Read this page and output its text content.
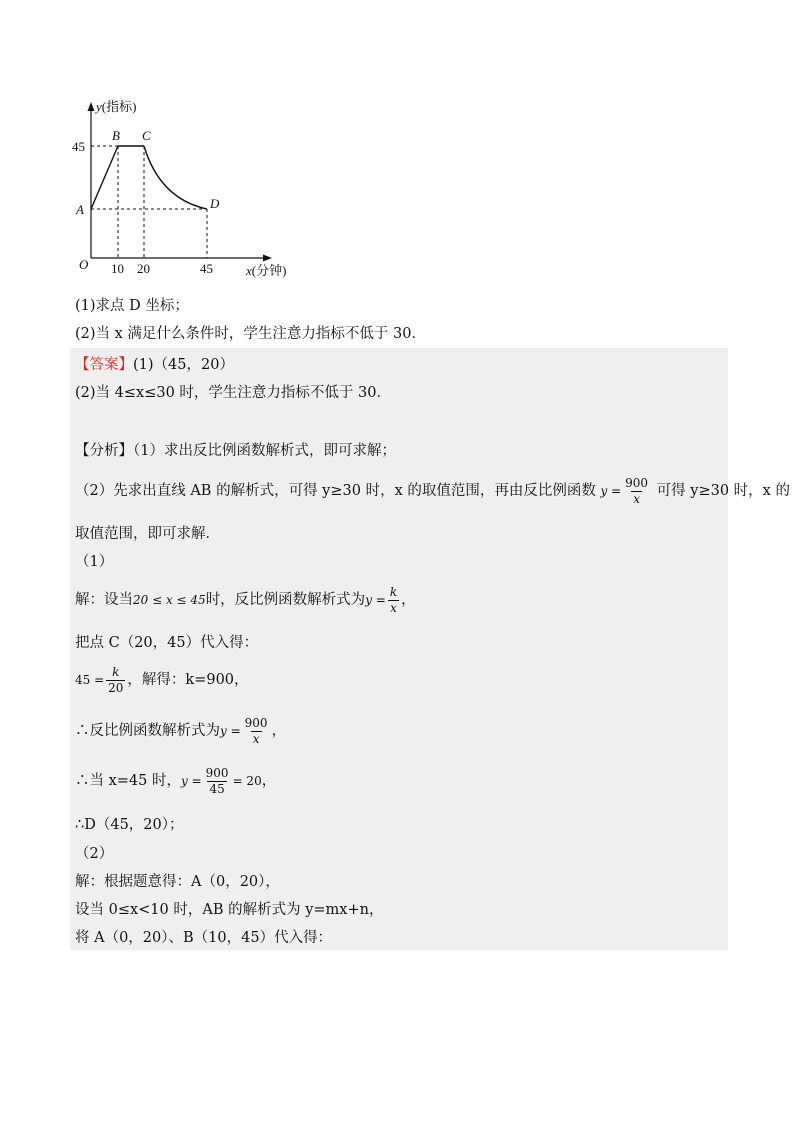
y(指标)
45
A
B C
D
O 10 20	45	x(分钟)
(1)求点 D 坐标；
(2)当 x 满足什么条件时，学生注意力指标不低于 30．
【答案】(1)（45，20）
(2)当 4≤x≤30 时，学生注意力指标不低于 30．
【分析】（1）求出反比例函数解析式，即可求解；
（2）先求出直线 AB 的解析式，可得 y≥30 时，x 的取值范围，再由反比例函数 $y = \frac{900}{x}$ 可得 y≥30 时，x 的
取值范围，即可求解．
（1）
解：设当20 ≤ x ≤ 45时，反比例函数解析式为$y = \frac{k}{x}$ ，
把点 C（20，45）代入得：
$45 = \frac{k}{20}$ ，解得：k=900，
∴反比例函数解析式为$y = \frac{900}{x}$ ，
∴当 x=45 时，$y = \frac{900}{45} = 20$，
∴D（45，20）；
（2）
解：根据题意得：A（0，20），
设当 0≤x<10 时，AB 的解析式为 y=mx+n，
将 A（0，20）、B（10，45）代入得：
